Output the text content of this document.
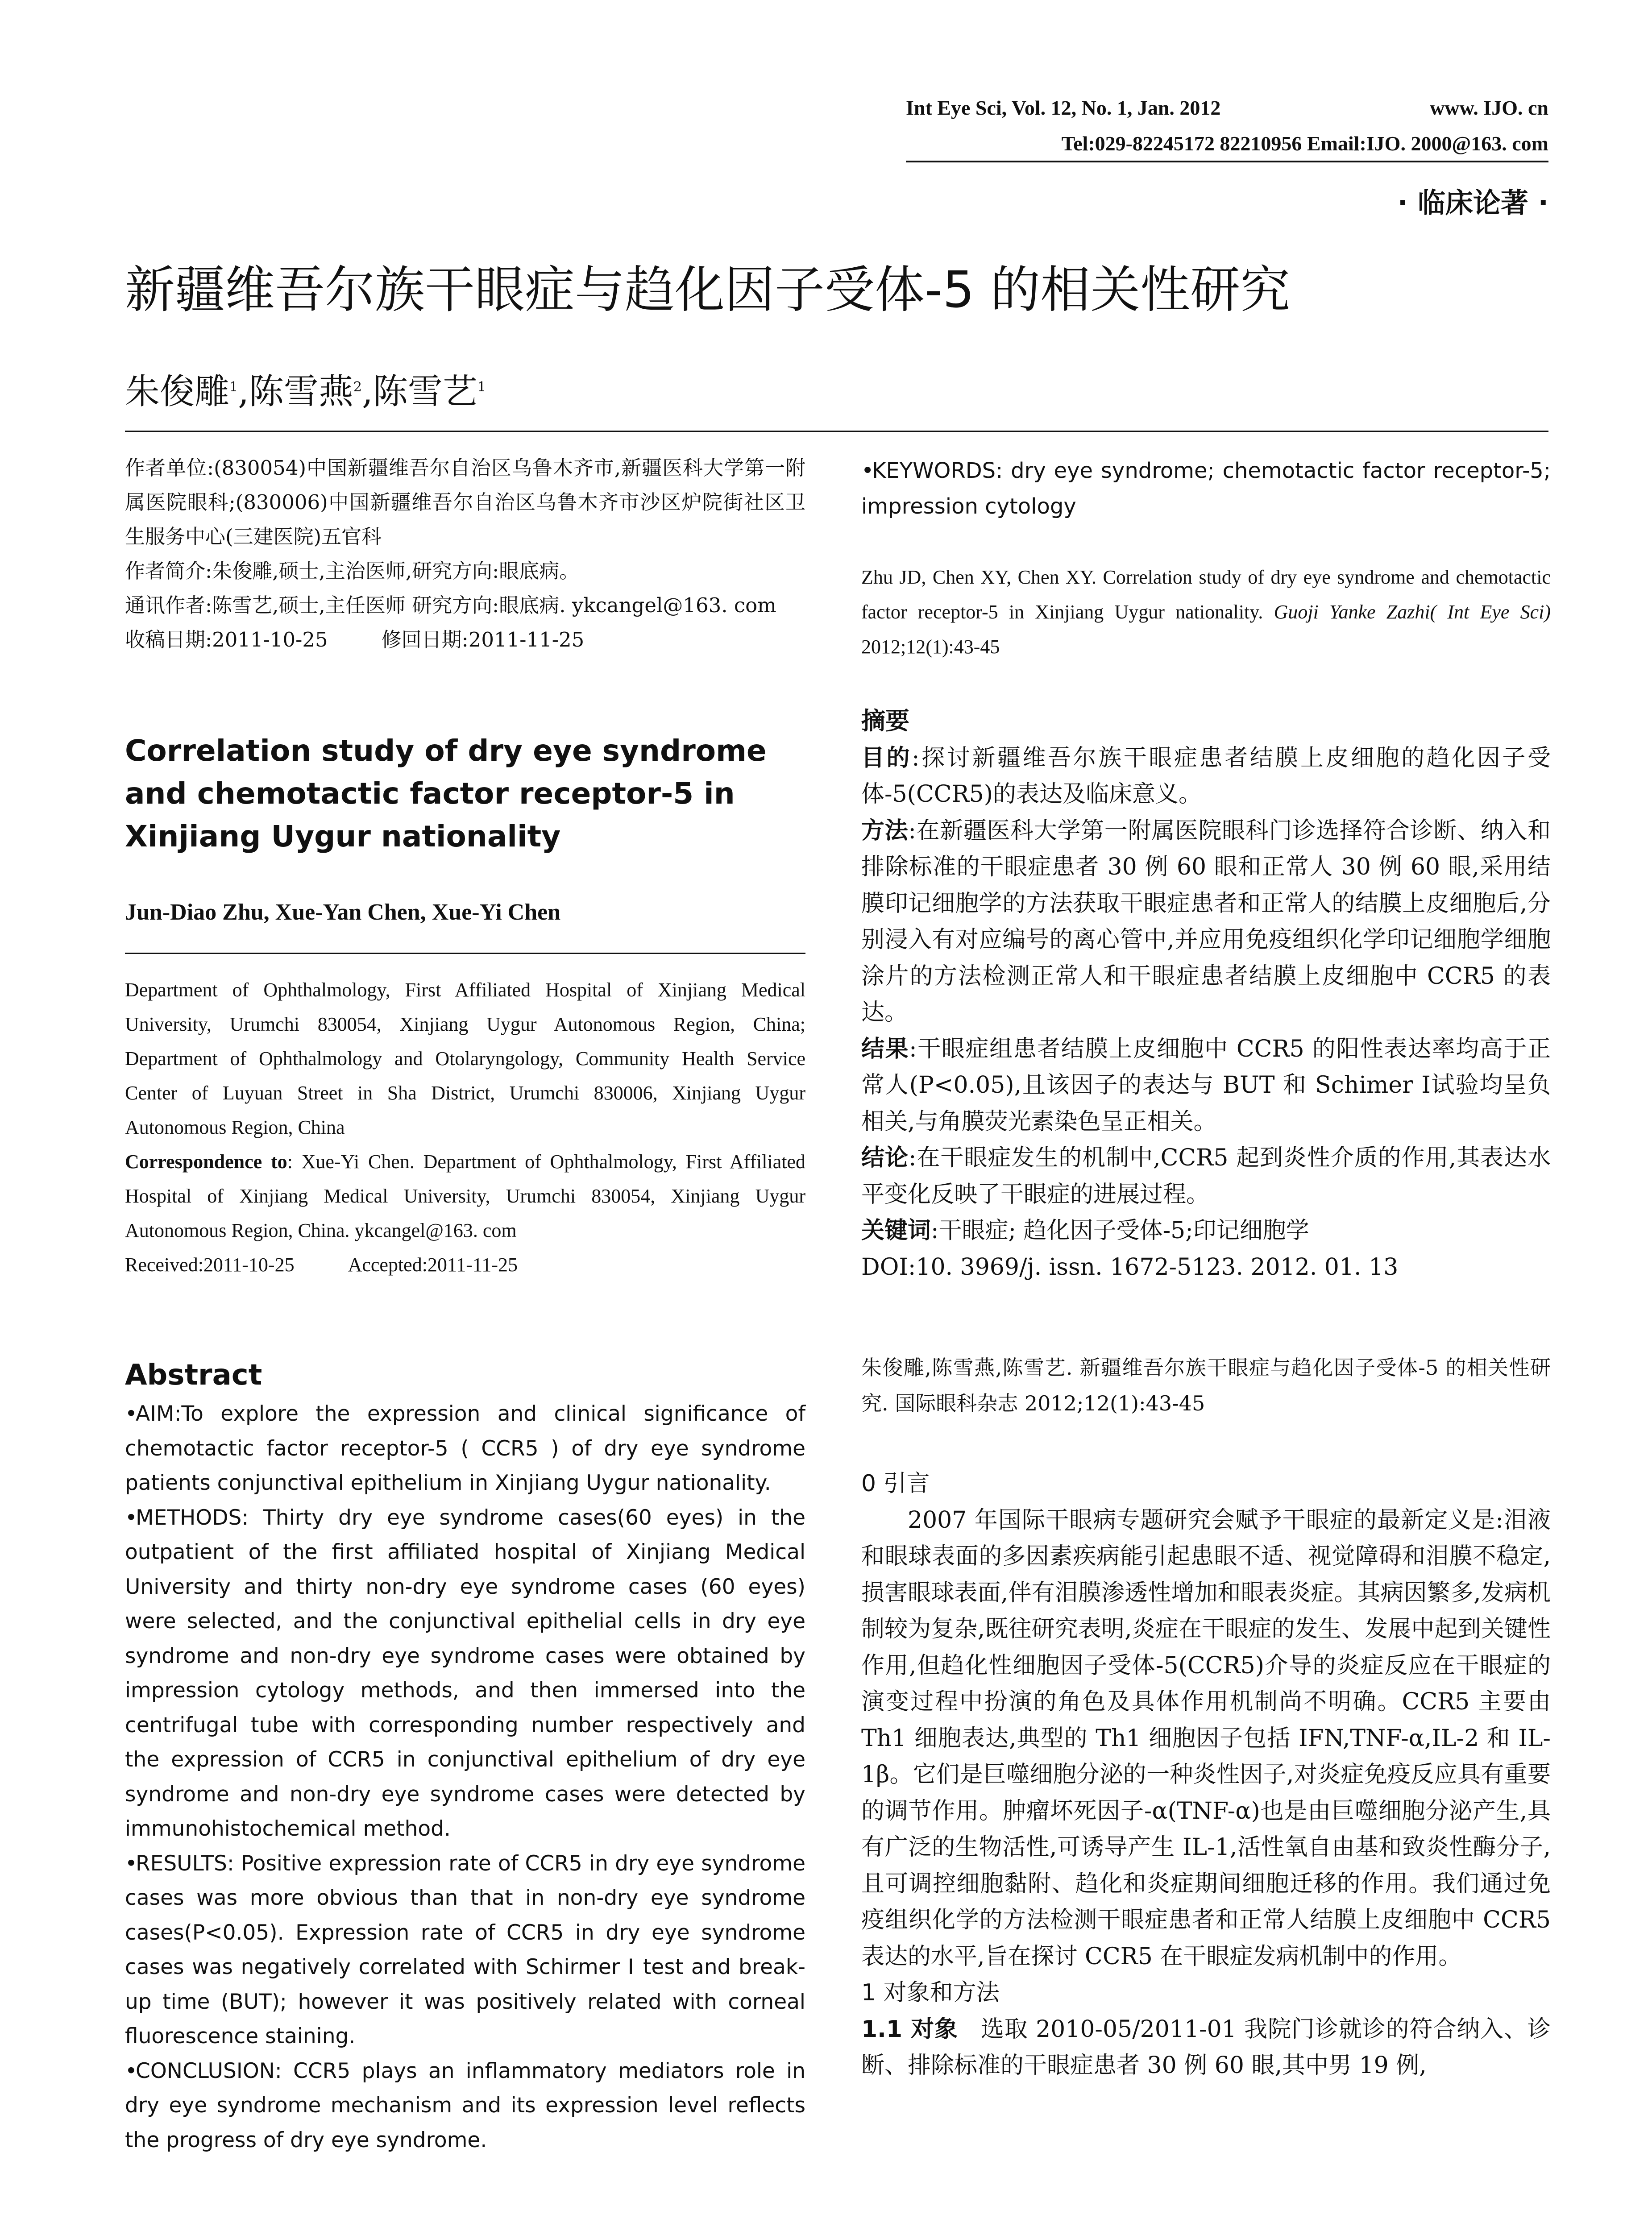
Int Eye Sci, Vol. 12, No. 1, Jan. 2012	www. IJO. cn
Tel:029-82245172 82210956 Email:IJO. 2000@163. com
· 临床论著 ·
新疆维吾尔族干眼症与趋化因子受体-5 的相关性研究
朱俊雕$^1$,陈雪燕$^2$,陈雪艺$^1$

作者单位:(830054)中国新疆维吾尔自治区乌鲁木齐市,新疆医科大学第一附属医院眼科;(830006)中国新疆维吾尔自治区乌鲁木齐市沙区炉院街社区卫生服务中心(三建医院)五官科

作者简介:朱俊雕,硕士,主治医师,研究方向:眼底病。

通讯作者:陈雪艺,硕士,主任医师 研究方向:眼底病. ykcangel@163. com

收稿日期:2011-10-25	修回日期:2011-11-25

Correlation study of dry eye syndrome and chemotactic factor receptor-5 in Xinjiang Uygur nationality
Jun-Diao Zhu, Xue-Yan Chen, Xue-Yi Chen

Department of Ophthalmology, First Affiliated Hospital of Xinjiang Medical University, Urumchi 830054, Xinjiang Uygur Autonomous Region, China; Department of Ophthalmology and Otolaryngology, Community Health Service Center of Luyuan Street in Sha District, Urumchi 830006, Xinjiang Uygur Autonomous Region, China

Correspondence to: Xue-Yi Chen. Department of Ophthalmology, First Affiliated Hospital of Xinjiang Medical University, Urumchi 830054, Xinjiang Uygur Autonomous Region, China. ykcangel@163. com

Received:2011-10-25	Accepted:2011-11-25

Abstract

•AIM:To explore the expression and clinical significance of chemotactic factor receptor-5 ( CCR5 ) of dry eye syndrome patients conjunctival epithelium in Xinjiang Uygur nationality.

•METHODS: Thirty dry eye syndrome cases(60 eyes) in the outpatient of the first affiliated hospital of Xinjiang Medical University and thirty non-dry eye syndrome cases (60 eyes) were selected, and the conjunctival epithelial cells in dry eye syndrome and non-dry eye syndrome cases were obtained by impression cytology methods, and then immersed into the centrifugal tube with corresponding number respectively and the expression of CCR5 in conjunctival epithelium of dry eye syndrome and non-dry eye syndrome cases were detected by immunohistochemical method.

•RESULTS: Positive expression rate of CCR5 in dry eye syndrome cases was more obvious than that in non-dry eye syndrome cases(P<0.05). Expression rate of CCR5 in dry eye syndrome cases was negatively correlated with Schirmer Ⅰ test and break-up time (BUT); however it was positively related with corneal fluorescence staining.

•CONCLUSION: CCR5 plays an inflammatory mediators role in dry eye syndrome mechanism and its expression level reflects the progress of dry eye syndrome.

•KEYWORDS: dry eye syndrome; chemotactic factor receptor-5; impression cytology

Zhu JD, Chen XY, Chen XY. Correlation study of dry eye syndrome and chemotactic factor receptor-5 in Xinjiang Uygur nationality. Guoji Yanke Zazhi( Int Eye Sci) 2012;12(1):43-45
摘要

目的:探讨新疆维吾尔族干眼症患者结膜上皮细胞的趋化因子受体-5(CCR5)的表达及临床意义。

方法:在新疆医科大学第一附属医院眼科门诊选择符合诊断、纳入和排除标准的干眼症患者 30 例 60 眼和正常人 30 例 60 眼,采用结膜印记细胞学的方法获取干眼症患者和正常人的结膜上皮细胞后,分别浸入有对应编号的离心管中,并应用免疫组织化学印记细胞学细胞涂片的方法检测正常人和干眼症患者结膜上皮细胞中 CCR5 的表达。

结果:干眼症组患者结膜上皮细胞中 CCR5 的阳性表达率均高于正常人(P<0.05),且该因子的表达与 BUT 和 Schimer Ⅰ试验均呈负相关,与角膜荧光素染色呈正相关。

结论:在干眼症发生的机制中,CCR5 起到炎性介质的作用,其表达水平变化反映了干眼症的进展过程。

关键词:干眼症; 趋化因子受体-5;印记细胞学

DOI:10. 3969/j. issn. 1672-5123. 2012. 01. 13

朱俊雕,陈雪燕,陈雪艺. 新疆维吾尔族干眼症与趋化因子受体-5 的相关性研究. 国际眼科杂志 2012;12(1):43-45
0 引言

2007 年国际干眼病专题研究会赋予干眼症的最新定义是:泪液和眼球表面的多因素疾病能引起患眼不适、视觉障碍和泪膜不稳定,损害眼球表面,伴有泪膜渗透性增加和眼表炎症。其病因繁多,发病机制较为复杂,既往研究表明,炎症在干眼症的发生、发展中起到关键性作用,但趋化性细胞因子受体-5(CCR5)介导的炎症反应在干眼症的演变过程中扮演的角色及具体作用机制尚不明确。CCR5 主要由 Th1 细胞表达,典型的 Th1 细胞因子包括 IFN,TNF-α,IL-2 和 IL-1β。它们是巨噬细胞分泌的一种炎性因子,对炎症免疫反应具有重要的调节作用。肿瘤坏死因子-α(TNF-α)也是由巨噬细胞分泌产生,具有广泛的生物活性,可诱导产生 IL-1,活性氧自由基和致炎性酶分子,且可调控细胞黏附、趋化和炎症期间细胞迁移的作用。我们通过免疫组织化学的方法检测干眼症患者和正常人结膜上皮细胞中 CCR5 表达的水平,旨在探讨 CCR5 在干眼症发病机制中的作用。

1 对象和方法

1.1 对象 选取 2010-05/2011-01 我院门诊就诊的符合纳入、诊断、排除标准的干眼症患者 30 例 60 眼,其中男 19 例,
